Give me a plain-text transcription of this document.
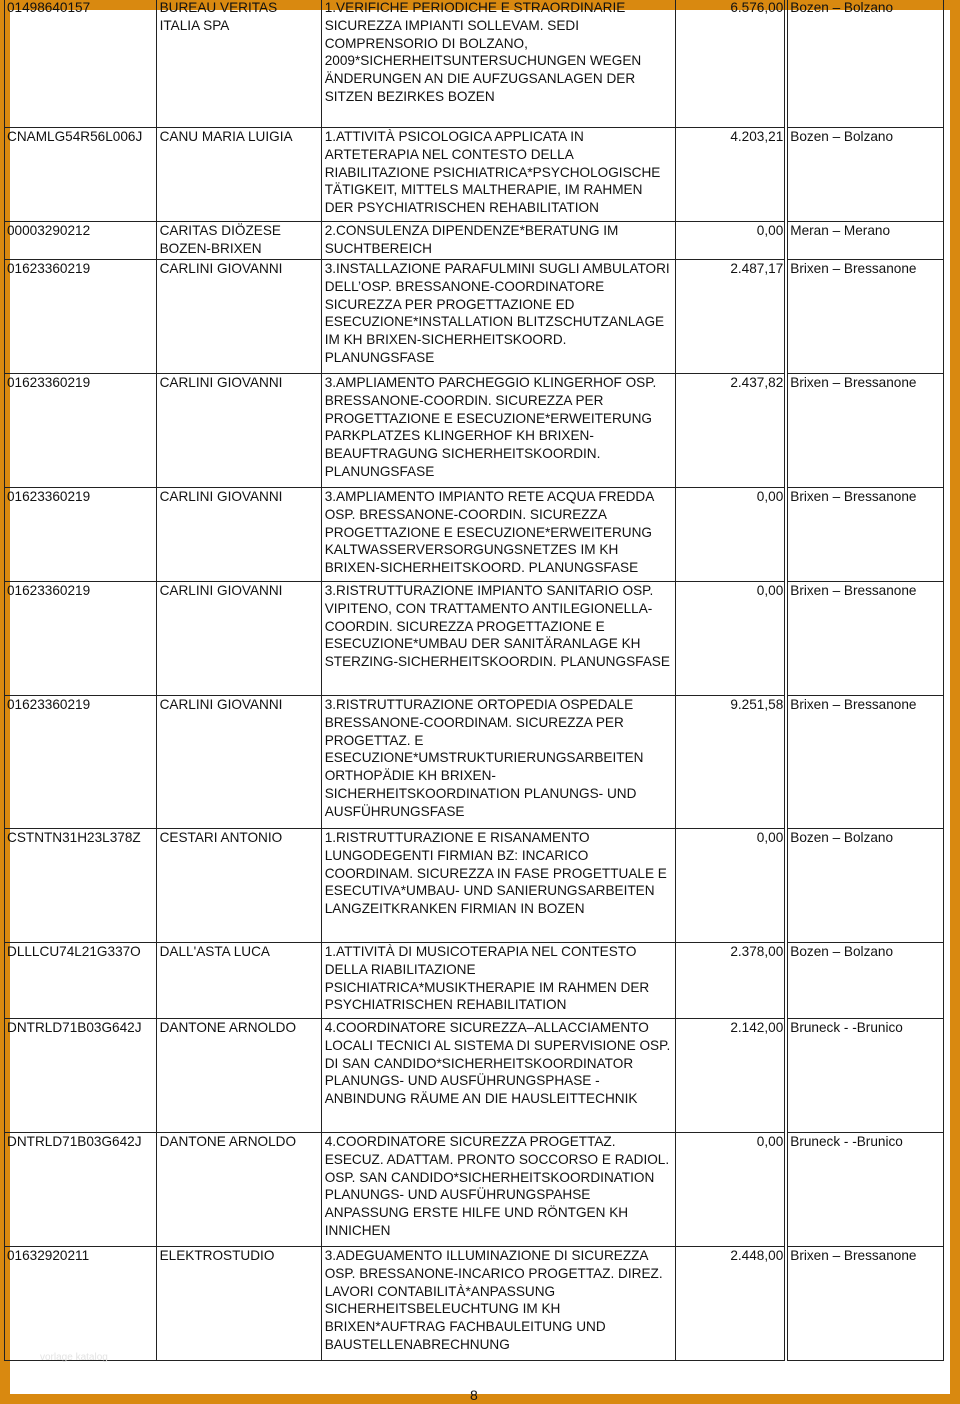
01498640157	BUREAU VERITAS ITALIA SPA	1.VERIFICHE PERIODICHE E STRAORDINARIE SICUREZZA IMPIANTI SOLLEVAM. SEDI COMPRENSORIO DI BOLZANO, 2009*SICHERHEITSUNTERSUCHUNGEN WEGEN ÄNDERUNGEN AN DIE AUFZUGSANLAGEN DER SITZEN BEZIRKES BOZEN	6.576,00	Bozen – Bolzano
CNAMLG54R56L006J	CANU MARIA LUIGIA	1.ATTIVITÀ PSICOLOGICA APPLICATA IN ARTETERAPIA NEL CONTESTO DELLA RIABILITAZIONE PSICHIATRICA*PSYCHOLOGISCHE TÄTIGKEIT, MITTELS MALTHERAPIE, IM RAHMEN DER PSYCHIATRISCHEN REHABILITATION	4.203,21	Bozen – Bolzano
00003290212	CARITAS DIÖZESE BOZEN-BRIXEN	2.CONSULENZA DIPENDENZE*BERATUNG IM SUCHTBEREICH	0,00	Meran – Merano
01623360219	CARLINI GIOVANNI	3.INSTALLAZIONE PARAFULMINI SUGLI AMBULATORI DELL’OSP. BRESSANONE-COORDINATORE SICUREZZA PER PROGETTAZIONE ED ESECUZIONE*INSTALLATION BLITZSCHUTZANLAGE IM KH BRIXEN-SICHERHEITSKOORD. PLANUNGSFASE	2.487,17	Brixen – Bressanone
01623360219	CARLINI GIOVANNI	3.AMPLIAMENTO PARCHEGGIO KLINGERHOF OSP. BRESSANONE-COORDIN. SICUREZZA PER PROGETTAZIONE E ESECUZIONE*ERWEITERUNG PARKPLATZES KLINGERHOF KH BRIXEN-BEAUFTRAGUNG SICHERHEITSKOORDIN. PLANUNGSFASE	2.437,82	Brixen – Bressanone
01623360219	CARLINI GIOVANNI	3.AMPLIAMENTO IMPIANTO RETE ACQUA FREDDA OSP. BRESSANONE-COORDIN. SICUREZZA PROGETTAZIONE E ESECUZIONE*ERWEITERUNG KALTWASSERVERSORGUNGSNETZES IM KH BRIXEN-SICHERHEITSKOORD. PLANUNGSFASE	0,00	Brixen – Bressanone
01623360219	CARLINI GIOVANNI	3.RISTRUTTURAZIONE IMPIANTO SANITARIO OSP. VIPITENO, CON TRATTAMENTO ANTILEGIONELLA-COORDIN. SICUREZZA PROGETTAZIONE E ESECUZIONE*UMBAU DER SANITÄRANLAGE KH STERZING-SICHERHEITSKOORDIN. PLANUNGSFASE	0,00	Brixen – Bressanone
01623360219	CARLINI GIOVANNI	3.RISTRUTTURAZIONE ORTOPEDIA OSPEDALE BRESSANONE-COORDINAM. SICUREZZA PER PROGETTAZ. E ESECUZIONE*UMSTRUKTURIERUNGSARBEITEN ORTHOPÄDIE KH BRIXEN-SICHERHEITSKOORDINATION PLANUNGS- UND AUSFÜHRUNGSFASE	9.251,58	Brixen – Bressanone
CSTNTN31H23L378Z	CESTARI ANTONIO	1.RISTRUTTURAZIONE E RISANAMENTO LUNGODEGENTI FIRMIAN BZ: INCARICO COORDINAM. SICUREZZA IN FASE PROGETTUALE E ESECUTIVA*UMBAU- UND SANIERUNGSARBEITEN LANGZEITKRANKEN FIRMIAN IN BOZEN	0,00	Bozen – Bolzano
DLLLCU74L21G337O	DALL'ASTA LUCA	1.ATTIVITÀ DI MUSICOTERAPIA NEL CONTESTO DELLA RIABILITAZIONE PSICHIATRICA*MUSIKTHERAPIE IM RAHMEN DER PSYCHIATRISCHEN REHABILITATION	2.378,00	Bozen – Bolzano
DNTRLD71B03G642J	DANTONE ARNOLDO	4.COORDINATORE SICUREZZA–ALLACCIAMENTO LOCALI TECNICI AL SISTEMA DI SUPERVISIONE OSP. DI SAN CANDIDO*SICHERHEITSKOORDINATOR PLANUNGS- UND AUSFÜHRUNGSPHASE - ANBINDUNG RÄUME AN DIE HAUSLEITTECHNIK	2.142,00	Bruneck - -Brunico
DNTRLD71B03G642J	DANTONE ARNOLDO	4.COORDINATORE SICUREZZA PROGETTAZ. ESECUZ. ADATTAM. PRONTO SOCCORSO E RADIOL. OSP. SAN CANDIDO*SICHERHEITSKOORDINATION PLANUNGS- UND AUSFÜHRUNGSPAHSE ANPASSUNG ERSTE HILFE UND RÖNTGEN KH INNICHEN	0,00	Bruneck - -Brunico
01632920211	ELEKTROSTUDIO	3.ADEGUAMENTO ILLUMINAZIONE DI SICUREZZA OSP. BRESSANONE-INCARICO PROGETTAZ. DIREZ. LAVORI CONTABILITÀ*ANPASSUNG SICHERHEITSBELEUCHTUNG IM KH BRIXEN*AUFTRAG FACHBAULEITUNG UND BAUSTELLENABRECHNUNG	2.448,00	Brixen – Bressanone
vorlage katalog
8
